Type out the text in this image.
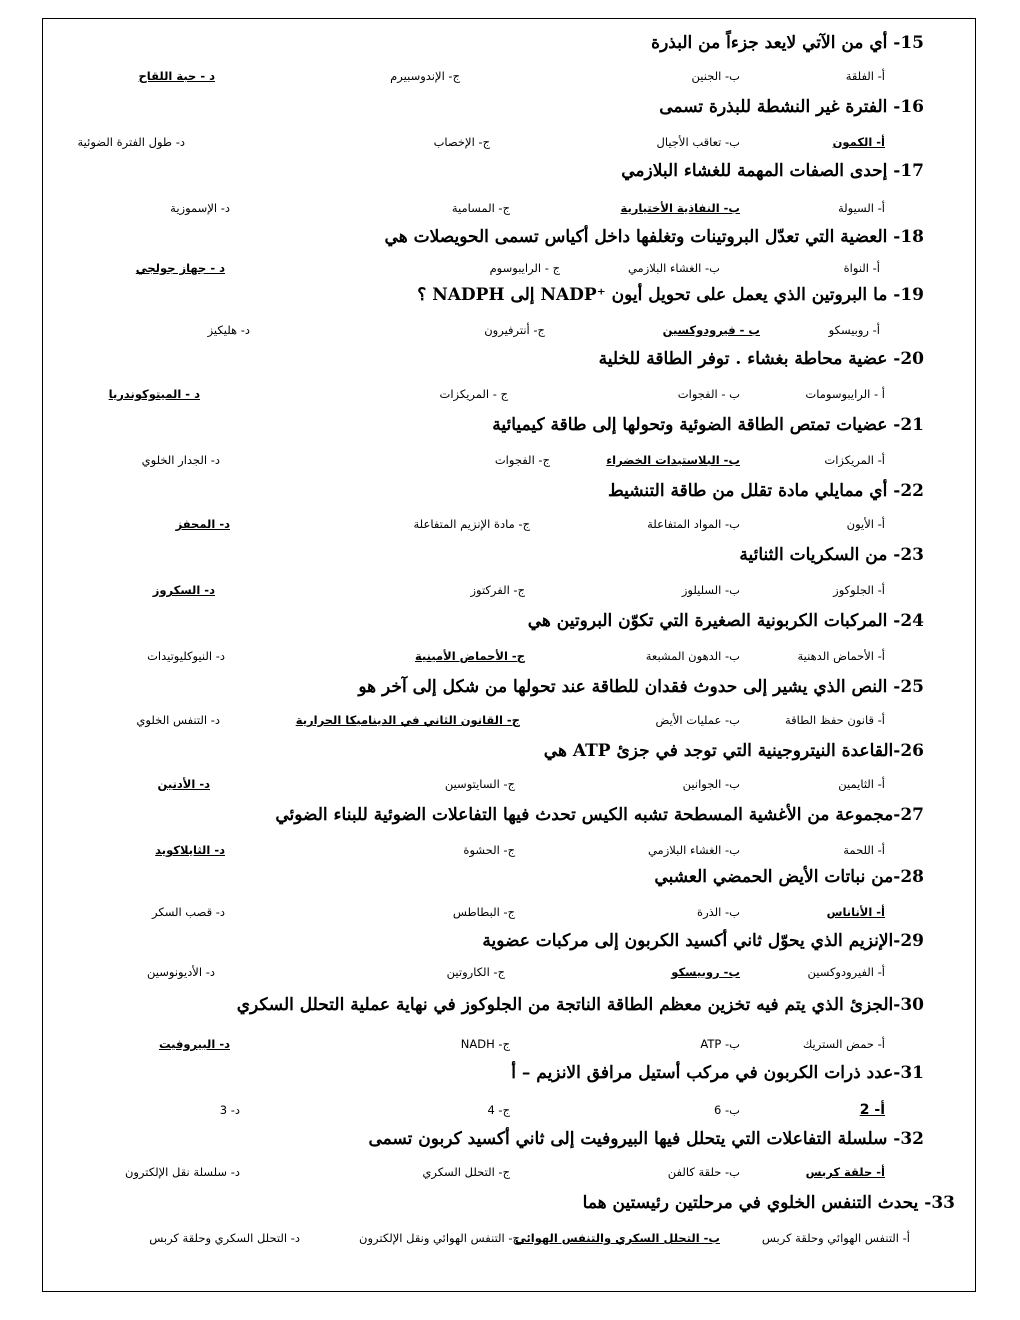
15- أي من الآتي لايعد جزءاً من البذرة
أ- الفلقة
ب- الجنين
ج- الإندوسبيرم
د - حبة اللقاح
16- الفترة غير النشطة للبذرة تسمى
أ- الكمون
ب- تعاقب الأجيال
ج- الإخصاب
د- طول الفترة الضوئية
17- إحدى الصفات المهمة للغشاء البلازمي
أ- السيولة
ب- النفاذية الأختيارية
ج- المسامية
د- الإسموزية
18- العضية التي تعدّل البروتينات وتغلفها داخل أكياس تسمى الحويصلات هي
أ- النواة
ب- الغشاء البلازمي
ج - الرايبوسوم
د - جهاز جولجي
19- ما البروتين الذي يعمل على تحويل أيون ⁺NADP إلى NADPH ؟
أ- روبيسكو
ب - فيرودوكسين
ج- أنترفيرون
د- هليكيز
20- عضية محاطة بغشاء . توفر الطاقة للخلية
أ - الرايبوسومات
ب - الفجوات
ج - المريكزات
د - الميتوكوندريا
21- عضيات تمتص الطاقة الضوئية وتحولها إلى طاقة كيميائية
أ- المريكزات
ب- البلاستيدات الخضراء
ج- الفجوات
د- الجدار الخلوي
22- أي ممايلي مادة تقلل من طاقة التنشيط
أ- الأيون
ب- المواد المتفاعلة
ج- مادة الإنزيم المتفاعلة
د- المحفز
23- من السكريات الثنائية
أ- الجلوكوز
ب- السليلوز
ج- الفركتوز
د- السكروز
24- المركبات الكربونية الصغيرة التي تكوّن البروتين هي
أ- الأحماض الدهنية
ب- الدهون المشبعة
ج- الأحماض الأمينية
د- النيوكليوتيدات
25- النص الذي يشير إلى حدوث فقدان للطاقة عند تحولها من شكل إلى آخر هو
أ- قانون حفظ الطاقة
ب- عمليات الأيض
ج- القانون الثاني في الديناميكا الحرارية
د- التنفس الخلوي
26-القاعدة النيتروجينية التي توجد في جزئ ATP هي
أ- الثايمين
ب- الجوانين
ج- السايتوسين
د- الأدنين
27-مجموعة من الأغشية المسطحة تشبه الكيس تحدث فيها التفاعلات الضوئية للبناء الضوئي
أ- اللحمة
ب- الغشاء البلازمي
ج- الحشوة
د- الثايلاكويد
28-من نباتات الأيض الحمضي العشبي
أ- الأناناس
ب- الذرة
ج- البطاطس
د- قصب السكر
29-الإنزيم الذي يحوّل ثاني أكسيد الكربون إلى مركبات عضوية
أ- الفيرودوكسين
ب- روبيسكو
ج- الكاروتين
د- الأديونوسين
30-الجزئ الذي يتم فيه تخزين معظم الطاقة الناتجة من الجلوكوز في نهاية عملية التحلل السكري
أ- حمض الستريك
ب- ATP
ج- NADH
د- البيروفيت
31-عدد ذرات الكربون في مركب أستيل مرافق الانزيم – أ
أ- 2
ب- 6
ج- 4
د- 3
32- سلسلة التفاعلات التي يتحلل فيها البيروفيت إلى ثاني أكسيد كربون تسمى
أ- حلقة كربس
ب- حلقة كالفن
ج- التحلل السكري
د- سلسلة نقل الإلكترون
33- يحدث التنفس الخلوي في مرحلتين رئيستين هما
أ- التنفس الهوائي وحلقة كربس
ب- التحلل السكري والتنفس الهوائي
ج- التنفس الهوائي ونقل الإلكترون
د- التحلل السكري وحلقة كربس
